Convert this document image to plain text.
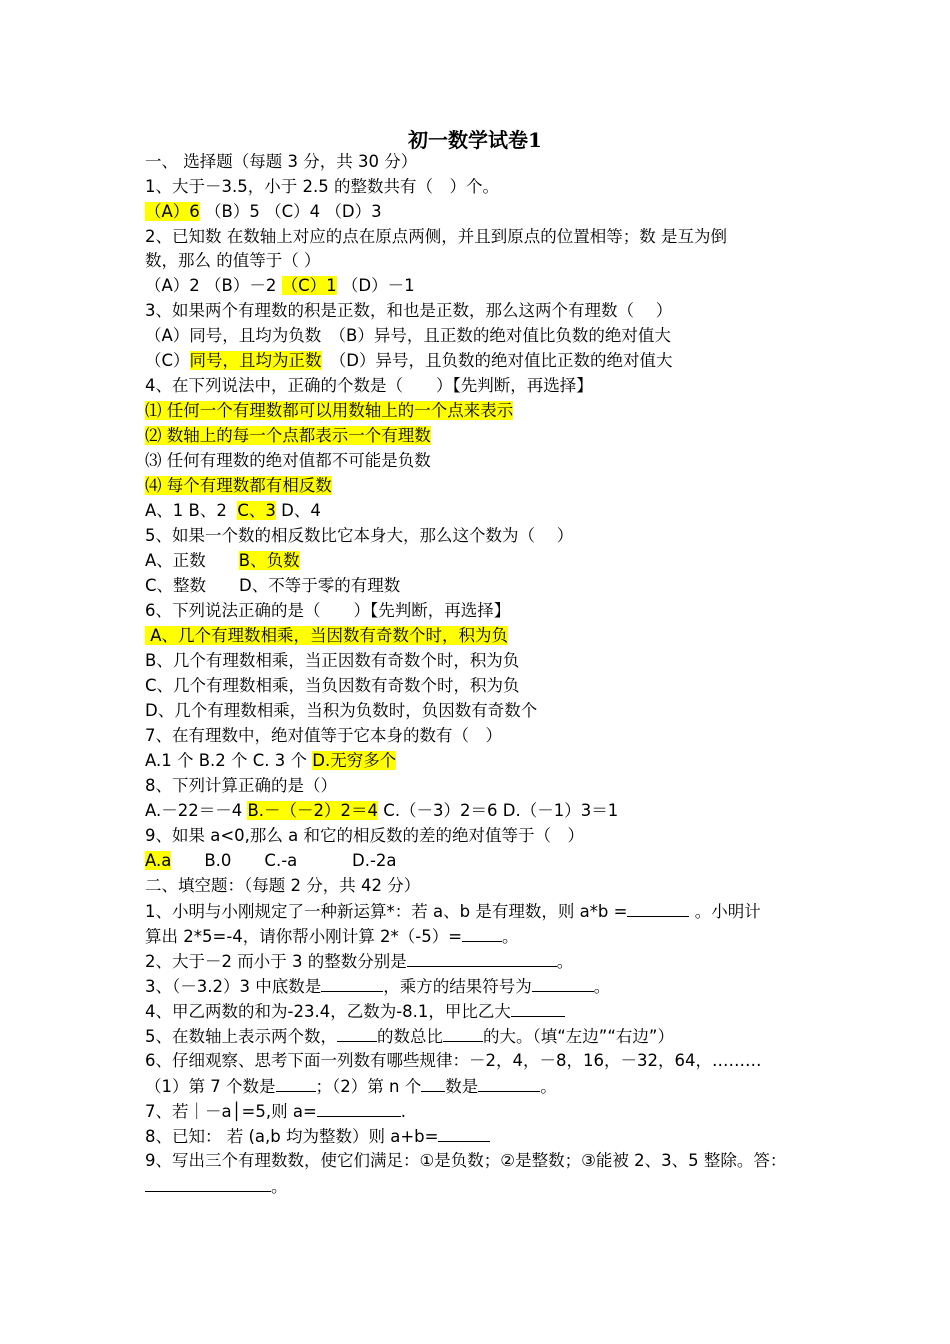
初一数学试卷1
一、 选择题（每题 3 分，共 30 分）
1、大于－3.5，小于 2.5 的整数共有（　）个。
（A）6 （B）5 （C）4 （D）3
2、已知数 在数轴上对应的点在原点两侧，并且到原点的位置相等；数 是互为倒
数，那么 的值等于（ ）
（A）2 （B）－2 （C）1 （D）－1
3、如果两个有理数的积是正数，和也是正数，那么这两个有理数（　 ）
（A）同号，且均为负数　（B）异号，且正数的绝对值比负数的绝对值大
（C）同号，且均为正数　（D）异号，且负数的绝对值比正数的绝对值大
4、在下列说法中，正确的个数是（　　）【先判断，再选择】
⑴ 任何一个有理数都可以用数轴上的一个点来表示
⑵ 数轴上的每一个点都表示一个有理数
⑶ 任何有理数的绝对值都不可能是负数
⑷ 每个有理数都有相反数
A、1 B、2 C、3 D、4
5、如果一个数的相反数比它本身大，那么这个数为（　 ）
A、正数　　B、负数
C、整数　　D、不等于零的有理数
6、下列说法正确的是（　　）【先判断，再选择】
A、几个有理数相乘，当因数有奇数个时，积为负
B、几个有理数相乘，当正因数有奇数个时，积为负
C、几个有理数相乘，当负因数有奇数个时，积为负
D、几个有理数相乘，当积为负数时，负因数有奇数个
7、在有理数中，绝对值等于它本身的数有（　）
A.1 个 B.2 个 C. 3 个 D.无穷多个
8、下列计算正确的是（）
A.－22＝－4 B.－（－2）2＝4 C.（－3）2＝6 D.（－1）3＝1
9、如果 a<0,那么 a 和它的相反数的差的绝对值等于（　）
A.a　　B.0　　C.-a　　　 D.-2a
二、填空题：（每题 2 分，共 42 分）
1、小明与小刚规定了一种新运算*：若 a、b 是有理数，则 a*b =	。小明计
算出 2*5=-4，请你帮小刚计算 2*（-5）= 。
2、大于－2 而小于 3 的整数分别是	。
3、（－3.2）3 中底数是	，乘方的结果符号为	。
4、甲乙两数的和为-23.4，乙数为-8.1，甲比乙大
5、在数轴上表示两个数， 的数总比 的大。（填“左边”“右边”）
6、仔细观察、思考下面一列数有哪些规律：－2，4，－8，16，－32，64，………
（1）第 7 个数是 ；（2）第 n 个 数是	。
7、若｜－a│=5,则 a=	.
8、已知： 若 (a,b 均为整数）则 a+b=
9、写出三个有理数数，使它们满足：①是负数；②是整数；③能被 2、3、5 整除。答：
。
